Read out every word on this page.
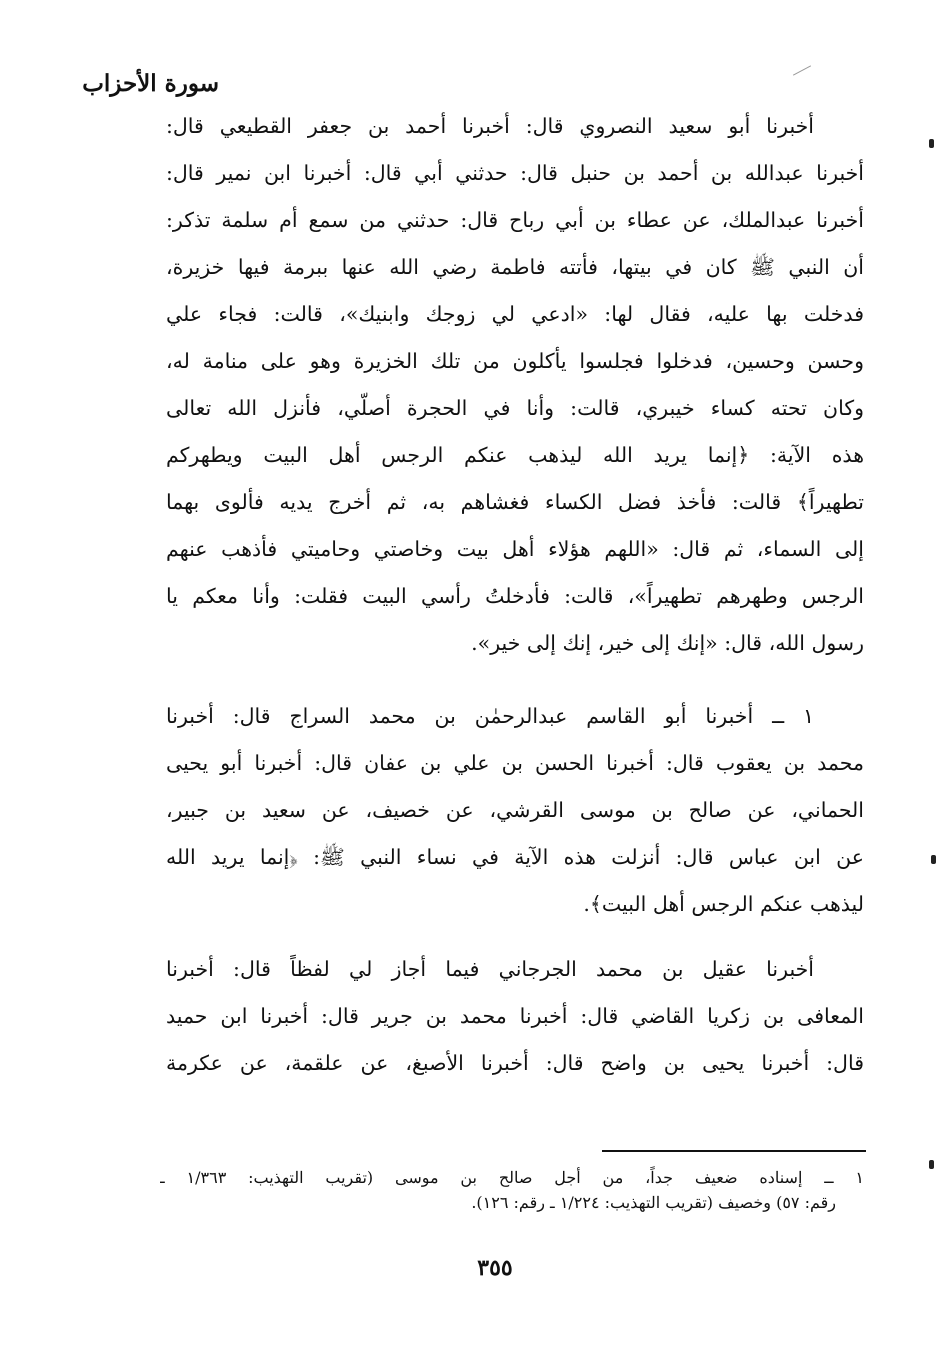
سورة الأحزاب
أخبرنا أبو سعيد النصروي قال: أخبرنا أحمد بن جعفر القطيعي قال:
أخبرنا عبدالله بن أحمد بن حنبل قال: حدثني أبي قال: أخبرنا ابن نمير قال:
أخبرنا عبدالملك، عن عطاء بن أبي رباح قال: حدثني من سمع أم سلمة تذكر:
أن النبي ﷺ كان في بيتها، فأتته فاطمة رضي الله عنها ببرمة فيها خزيرة،
فدخلت بها عليه، فقال لها: «ادعي لي زوجك وابنيك»، قالت: فجاء علي
وحسن وحسين، فدخلوا فجلسوا يأكلون من تلك الخزيرة وهو على منامة له،
وكان تحته كساء خيبري، قالت: وأنا في الحجرة أصلّي، فأنزل الله تعالى
هذه الآية: ﴿إنما يريد الله ليذهب عنكم الرجس أهل البيت ويطهركم
تطهيراً﴾ قالت: فأخذ فضل الكساء فغشاهم به، ثم أخرج يديه فألوى بهما
إلى السماء، ثم قال: «اللهم هؤلاء أهل بيت وخاصتي وحاميتي فأذهب عنهم
الرجس وطهرهم تطهيراً»، قالت: فأدخلتُ رأسي البيت فقلت: وأنا معكم يا
رسول الله، قال: «إنك إلى خير، إنك إلى خير».
١ ــ أخبرنا أبو القاسم عبدالرحمٰن بن محمد السراج قال: أخبرنا
محمد بن يعقوب قال: أخبرنا الحسن بن علي بن عفان قال: أخبرنا أبو يحيى
الحماني، عن صالح بن موسى القرشي، عن خصيف، عن سعيد بن جبير،
عن ابن عباس قال: أنزلت هذه الآية في نساء النبي ﷺ: ﴿إنما يريد الله
ليذهب عنكم الرجس أهل البيت﴾.
أخبرنا عقيل بن محمد الجرجاني فيما أجاز لي لفظاً قال: أخبرنا
المعافى بن زكريا القاضي قال: أخبرنا محمد بن جرير قال: أخبرنا ابن حميد
قال: أخبرنا يحيى بن واضح قال: أخبرنا الأصبغ، عن علقمة، عن عكرمة
١ ــ إسناده ضعيف جداً، من أجل صالح بن موسى (تقريب التهذيب: ١/٣٦٣ ـ
رقم: ٥٧) وخصيف (تقريب التهذيب: ١/٢٢٤ ـ رقم: ١٢٦).
٣٥٥
